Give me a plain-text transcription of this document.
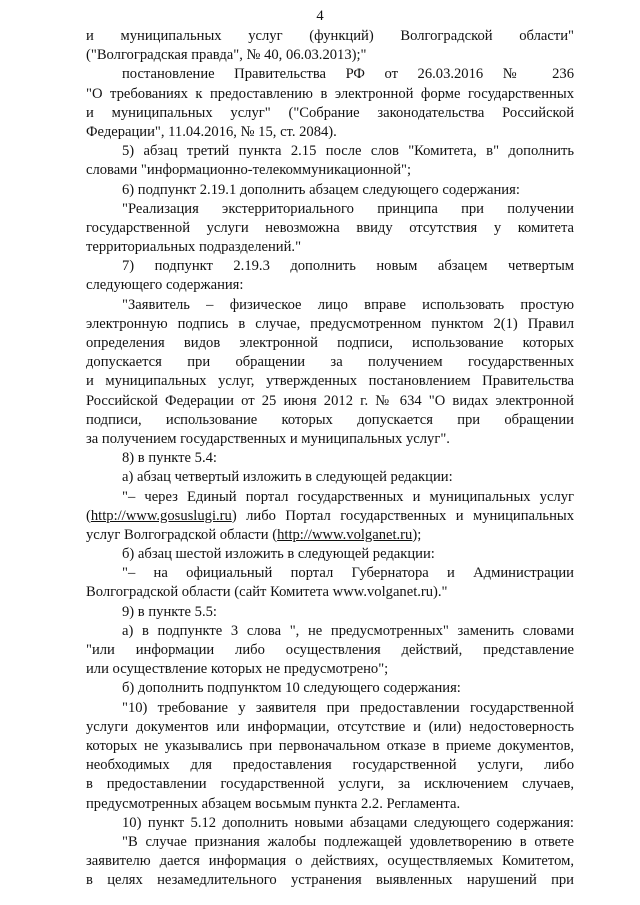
4
и муниципальных услуг (функций) Волгоградской области"
("Волгоградская правда", № 40, 06.03.2013);"
постановление Правительства РФ от 26.03.2016 № 236
"О требованиях к предоставлению в электронной форме государственных
и муниципальных услуг" ("Собрание законодательства Российской
Федерации", 11.04.2016, № 15, ст. 2084).
5) абзац третий пункта 2.15 после слов "Комитета, в" дополнить
словами "информационно-телекоммуникационной";
6) подпункт 2.19.1 дополнить абзацем следующего содержания:
"Реализация экстерриториального принципа при получении
государственной услуги невозможна ввиду отсутствия у комитета
территориальных подразделений."
7) подпункт 2.19.3 дополнить новым абзацем четвертым
следующего содержания:
"Заявитель – физическое лицо вправе использовать простую
электронную подпись в случае, предусмотренном пунктом 2(1) Правил
определения видов электронной подписи, использование которых
допускается при обращении за получением государственных
и муниципальных услуг, утвержденных постановлением Правительства
Российской Федерации от 25 июня 2012 г. № 634 "О видах электронной
подписи, использование которых допускается при обращении
за получением государственных и муниципальных услуг".
8) в пункте 5.4:
а) абзац четвертый изложить в следующей редакции:
"– через Единый портал государственных и муниципальных услуг
(http://www.gosuslugi.ru) либо Портал государственных и муниципальных
услуг Волгоградской области (http://www.volganet.ru);
б) абзац шестой изложить в следующей редакции:
"– на официальный портал Губернатора и Администрации
Волгоградской области (сайт Комитета www.volganet.ru)."
9) в пункте 5.5:
а) в подпункте 3 слова ", не предусмотренных" заменить словами
"или информации либо осуществления действий, представление
или осуществление которых не предусмотрено";
б) дополнить подпунктом 10 следующего содержания:
"10) требование у заявителя при предоставлении государственной
услуги документов или информации, отсутствие и (или) недостоверность
которых не указывались при первоначальном отказе в приеме документов,
необходимых для предоставления государственной услуги, либо
в предоставлении государственной услуги, за исключением случаев,
предусмотренных абзацем восьмым пункта 2.2. Регламента.
10) пункт 5.12 дополнить новыми абзацами следующего содержания:
"В случае признания жалобы подлежащей удовлетворению в ответе
заявителю дается информация о действиях, осуществляемых Комитетом,
в целях незамедлительного устранения выявленных нарушений при
